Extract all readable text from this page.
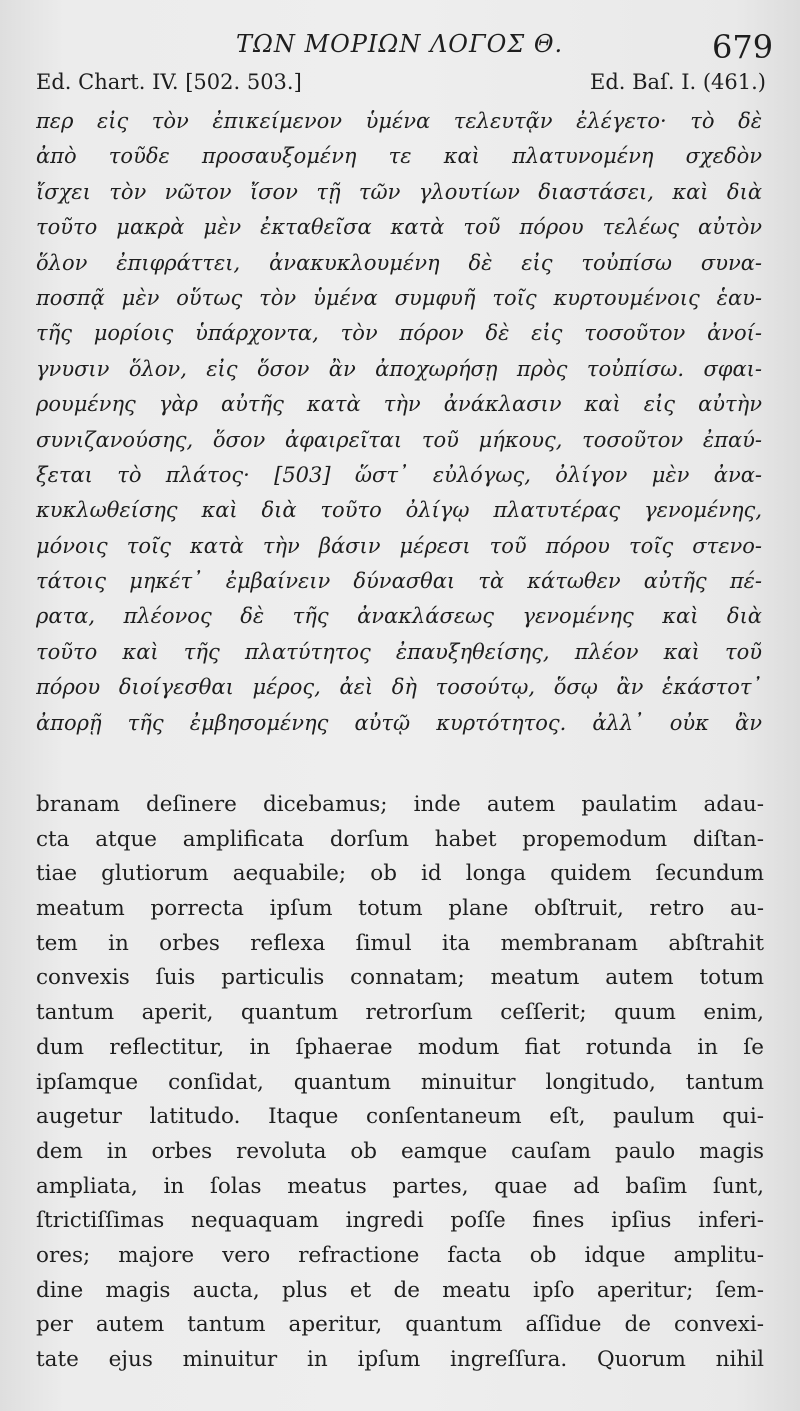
ΤΩΝ ΜΟΡΙΩΝ ΛΟΓΟΣ Θ.	679
Ed. Chart. IV. [502. 503.]	Ed. Baſ. I. (461.)
περ εἰς τὸν ἐπικείμενον ὑμένα τελευτᾷν ἐλέγετο· τὸ δὲ
ἀπὸ τοῦδε προσαυξομένη τε καὶ πλατυνομένη σχεδὸν
ἴσχει τὸν νῶτον ἴσον τῇ τῶν γλουτίων διαστάσει, καὶ διὰ
τοῦτο μακρὰ μὲν ἐκταθεῖσα κατὰ τοῦ πόρου τελέως αὐτὸν
ὅλον ἐπιφράττει, ἀνακυκλουμένη δὲ εἰς τοὐπίσω συνα-
ποσπᾷ μὲν οὕτως τὸν ὑμένα συμφυῆ τοῖς κυρτουμένοις ἑαυ-
τῆς μορίοις ὑπάρχοντα, τὸν πόρον δὲ εἰς τοσοῦτον ἀνοί-
γνυσιν ὅλον, εἰς ὅσον ἂν ἀποχωρήσῃ πρὸς τοὐπίσω. σφαι-
ρουμένης γὰρ αὐτῆς κατὰ τὴν ἀνάκλασιν καὶ εἰς αὐτὴν
συνιζανούσης, ὅσον ἀφαιρεῖται τοῦ μήκους, τοσοῦτον ἐπαύ-
ξεται τὸ πλάτος· [503] ὥστ᾽ εὐλόγως, ὀλίγον μὲν ἀνα-
κυκλωθείσης καὶ διὰ τοῦτο ὀλίγῳ πλατυτέρας γενομένης,
μόνοις τοῖς κατὰ τὴν βάσιν μέρεσι τοῦ πόρου τοῖς στενο-
τάτοις μηκέτ᾽ ἐμβαίνειν δύνασθαι τὰ κάτωθεν αὐτῆς πέ-
ρατα, πλέονος δὲ τῆς ἀνακλάσεως γενομένης καὶ διὰ
τοῦτο καὶ τῆς πλατύτητος ἐπαυξηθείσης, πλέον καὶ τοῦ
πόρου διοίγεσθαι μέρος, ἀεὶ δὴ τοσούτῳ, ὅσῳ ἂν ἑκάστοτ᾽
ἀπορῇ τῆς ἐμβησομένης αὐτῷ κυρτότητος. ἀλλ᾽ οὐκ ἂν
branam deſinere dicebamus; inde autem paulatim adau-
cta atque amplificata dorſum habet propemodum diſtan-
tiae glutiorum aequabile; ob id longa quidem ſecundum
meatum porrecta ipſum totum plane obſtruit, retro au-
tem in orbes reflexa ſimul ita membranam abſtrahit
convexis ſuis particulis connatam; meatum autem totum
tantum aperit, quantum retrorſum ceſſerit; quum enim,
dum reflectitur, in ſphaerae modum fiat rotunda in ſe
ipſamque conſidat, quantum minuitur longitudo, tantum
augetur latitudo. Itaque conſentaneum eſt, paulum qui-
dem in orbes revoluta ob eamque cauſam paulo magis
ampliata, in ſolas meatus partes, quae ad baſim ſunt,
ſtrictiſſimas nequaquam ingredi poſſe fines ipſius inferi-
ores; majore vero refractione facta ob idque amplitu-
dine magis aucta, plus et de meatu ipſo aperitur; ſem-
per autem tantum aperitur, quantum aſſidue de convexi-
tate ejus minuitur in ipſum ingreſſura. Quorum nihil
